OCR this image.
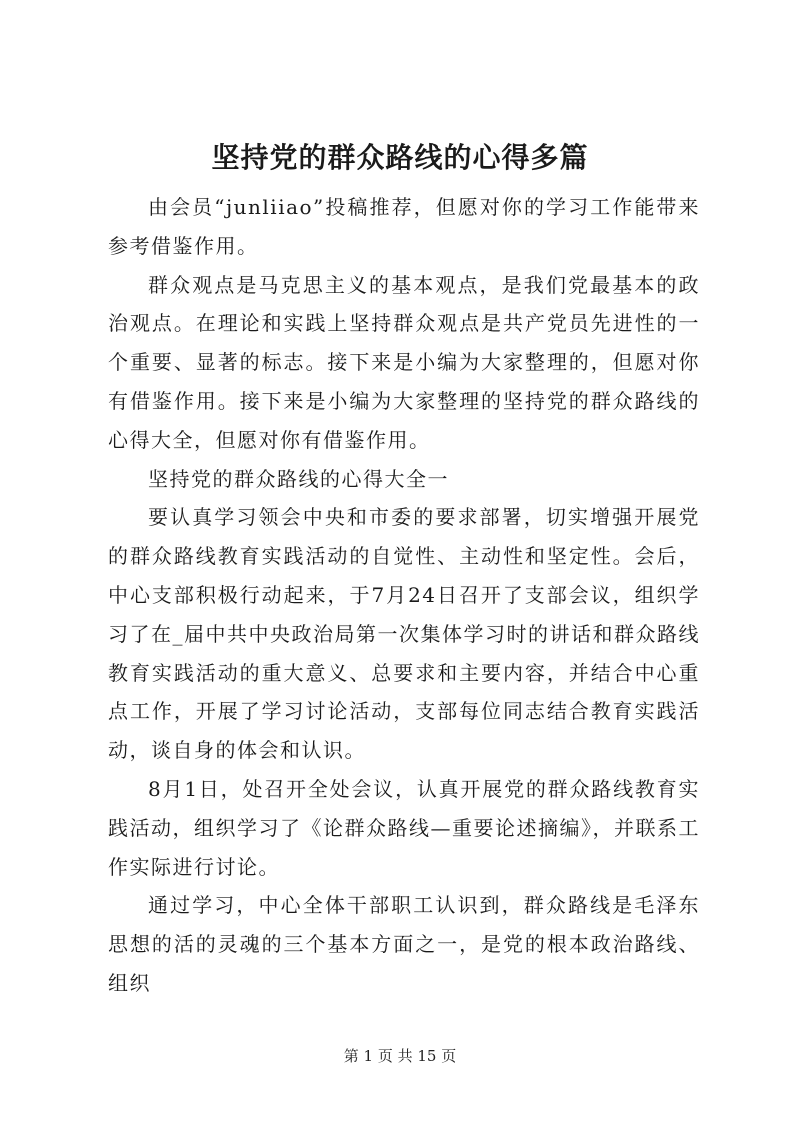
坚持党的群众路线的心得多篇

由会员“junliiao”投稿推荐，但愿对你的学习工作能带来参考借鉴作用。

群众观点是马克思主义的基本观点，是我们党最基本的政治观点。在理论和实践上坚持群众观点是共产党员先进性的一个重要、显著的标志。接下来是小编为大家整理的，但愿对你有借鉴作用。接下来是小编为大家整理的坚持党的群众路线的心得大全，但愿对你有借鉴作用。

坚持党的群众路线的心得大全一

要认真学习领会中央和市委的要求部署，切实增强开展党的群众路线教育实践活动的自觉性、主动性和坚定性。会后，中心支部积极行动起来，于7月24日召开了支部会议，组织学习了在_届中共中央政治局第一次集体学习时的讲话和群众路线教育实践活动的重大意义、总要求和主要内容，并结合中心重点工作，开展了学习讨论活动，支部每位同志结合教育实践活动，谈自身的体会和认识。

8月1日，处召开全处会议，认真开展党的群众路线教育实践活动，组织学习了《论群众路线—重要论述摘编》，并联系工作实际进行讨论。

通过学习，中心全体干部职工认识到，群众路线是毛泽东思想的活的灵魂的三个基本方面之一，是党的根本政治路线、组织

第 1 页 共 15 页
